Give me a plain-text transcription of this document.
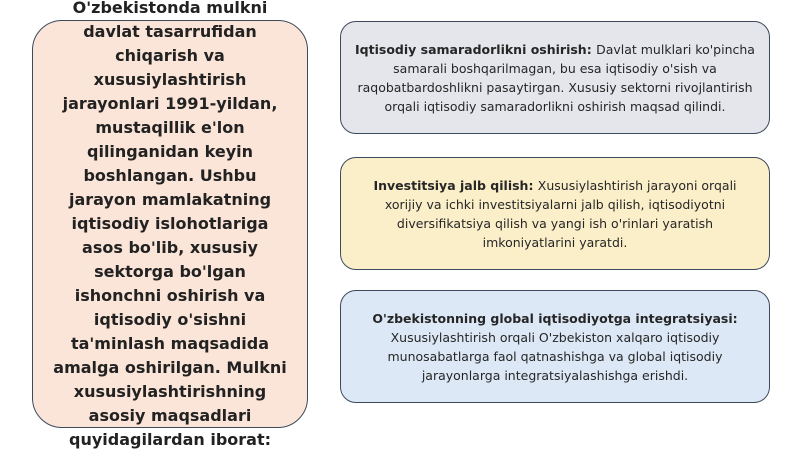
O'zbekistonda mulkni davlat tasarrufidan chiqarish va xususiylashtirish jarayonlari 1991-yildan, mustaqillik e'lon qilinganidan keyin boshlangan. Ushbu jarayon mamlakatning iqtisodiy islohotlariga asos bo'lib, xususiy sektorga bo'lgan ishonchni oshirish va iqtisodiy o'sishni ta'minlash maqsadida amalga oshirilgan. Mulkni xususiylashtirishning asosiy maqsadlari quyidagilardan iborat:

Iqtisodiy samaradorlikni oshirish: Davlat mulklari ko'pincha samarali boshqarilmagan, bu esa iqtisodiy o'sish va raqobatbardoshlikni pasaytirgan. Xususiy sektorni rivojlantirish orqali iqtisodiy samaradorlikni oshirish maqsad qilindi.

Investitsiya jalb qilish: Xususiylashtirish jarayoni orqali xorijiy va ichki investitsiyalarni jalb qilish, iqtisodiyotni diversifikatsiya qilish va yangi ish o'rinlari yaratish imkoniyatlarini yaratdi.

O'zbekistonning global iqtisodiyotga integratsiyasi:
Xususiylashtirish orqali O'zbekiston xalqaro iqtisodiy munosabatlarga faol qatnashishga va global iqtisodiy jarayonlarga integratsiyalashishga erishdi.
